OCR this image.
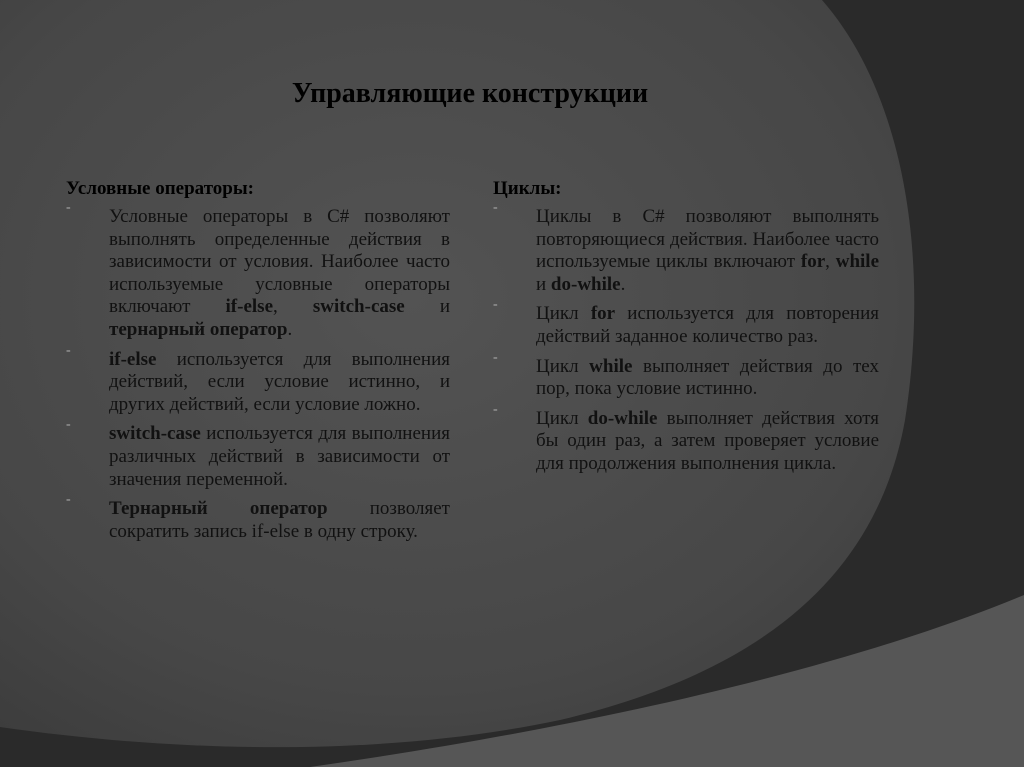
Управляющие конструкции
Условные операторы:
- Условные операторы в C# позволяют выполнять определенные действия в зависимости от условия. Наиболее часто используемые условные операторы включают if-else, switch-case и тернарный оператор.

- if-else используется для выполнения действий, если условие истинно, и других действий, если условие ложно.

- switch-case используется для выполнения различных действий в зависимости от значения переменной.

- Тернарный оператор позволяет сократить запись if-else в одну строку.

Циклы:
- Циклы в C# позволяют выполнять повторяющиеся действия. Наиболее часто используемые циклы включают for, while и do-while.

- Цикл for используется для повторения действий заданное количество раз.

- Цикл while выполняет действия до тех пор, пока условие истинно.

- Цикл do-while выполняет действия хотя бы один раз, а затем проверяет условие для продолжения выполнения цикла.
